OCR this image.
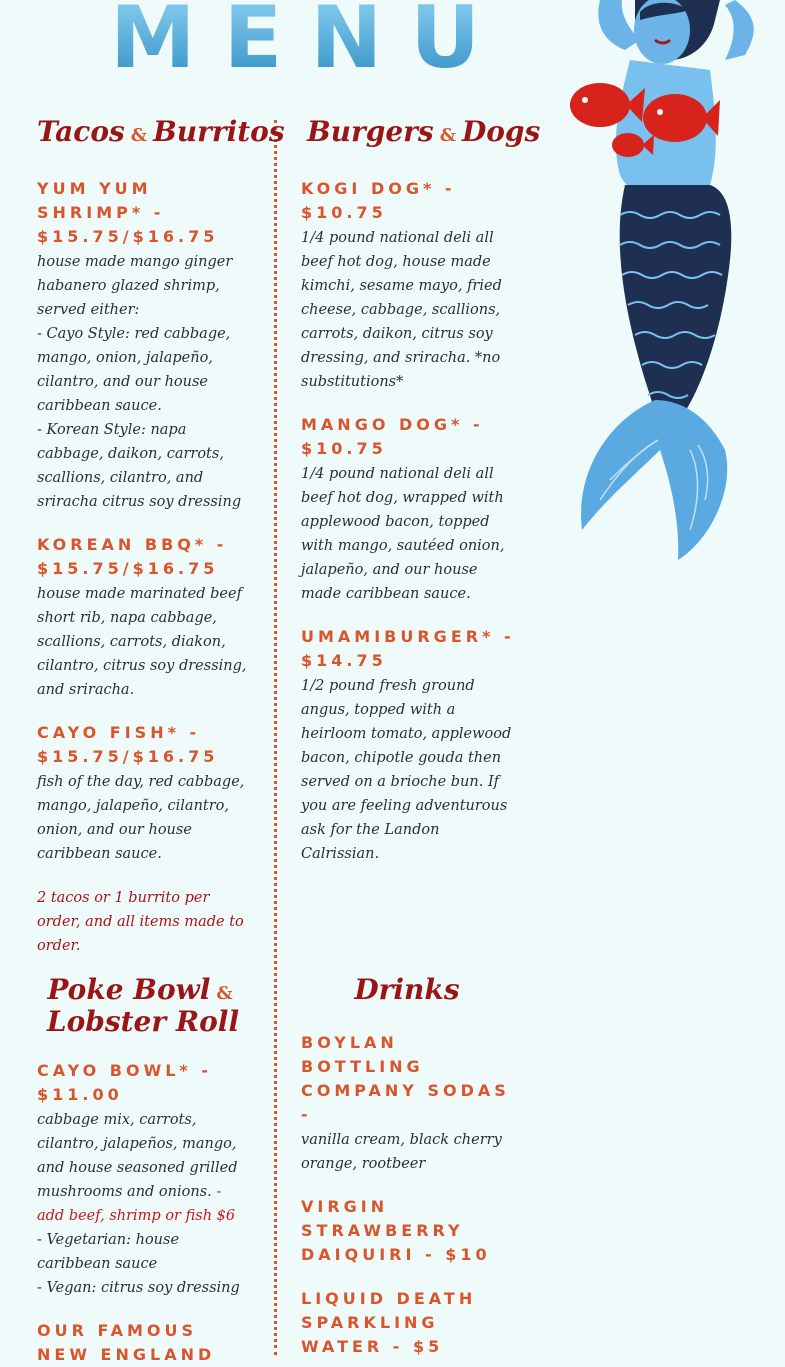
MENU
Tacos & Burritos
YUM YUM SHRIMP* - $15.75/$16.75
house made mango ginger habanero glazed shrimp, served either:
- Cayo Style: red cabbage, mango, onion, jalapeño, cilantro, and our house caribbean sauce.
- Korean Style: napa cabbage, daikon, carrots, scallions, cilantro, and sriracha citrus soy dressing
KOREAN BBQ* - $15.75/$16.75
house made marinated beef short rib, napa cabbage, scallions, carrots, diakon, cilantro, citrus soy dressing, and sriracha.
CAYO FISH* - $15.75/$16.75
fish of the day, red cabbage, mango, jalapeño, cilantro, onion, and our house caribbean sauce.
2 tacos or 1 burrito per order, and all items made to order.
Burgers & Dogs
KOGI DOG* - $10.75
1/4 pound national deli all beef hot dog, house made kimchi, sesame mayo, fried cheese, cabbage, scallions, carrots, daikon, citrus soy dressing, and sriracha. *no substitutions*
MANGO DOG* - $10.75
1/4 pound national deli all beef hot dog, wrapped with applewood bacon, topped with mango, sautéed onion, jalapeño, and our house made caribbean sauce.
UMAMIBURGER* - $14.75
1/2 pound fresh ground angus, topped with a heirloom tomato, applewood bacon, chipotle gouda then served on a brioche bun. If you are feeling adventurous ask for the Landon Calrissian.
Poke Bowl &
Lobster Roll
CAYO BOWL* - $11.00
cabbage mix, carrots, cilantro, jalapeños, mango, and house seasoned grilled mushrooms and onions. - add beef, shrimp or fish $6
- Vegetarian: house caribbean sauce
- Vegan: citrus soy dressing
OUR FAMOUS NEW ENGLAND
Drinks
BOYLAN BOTTLING COMPANY SODAS -
vanilla cream, black cherry orange, rootbeer
VIRGIN STRAWBERRY DAIQUIRI - $10
LIQUID DEATH SPARKLING WATER - $5
